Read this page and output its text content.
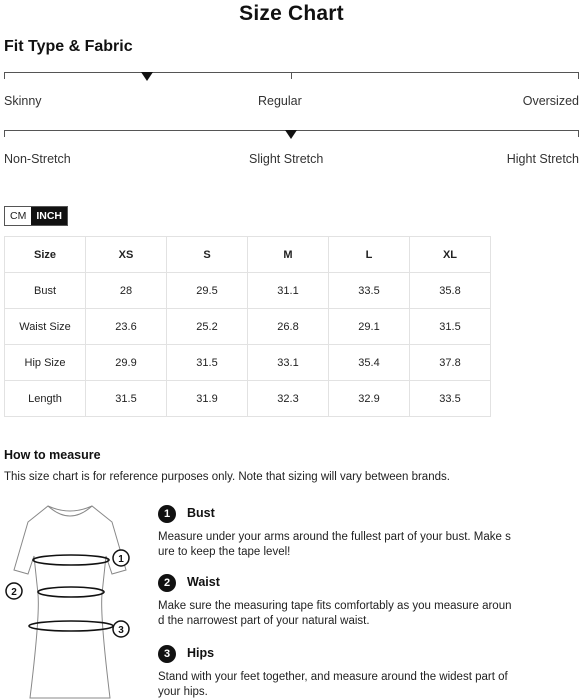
Size Chart
Fit Type & Fabric
Skinny	Regular	Oversized
Non-Stretch	Slight Stretch	Hight Stretch
CM INCH
Size	XS	S	M	L	XL
Bust	28	29.5	31.1	33.5	35.8
Waist Size	23.6	25.2	26.8	29.1	31.5
Hip Size	29.9	31.5	33.1	35.4	37.8
Length	31.5	31.9	32.3	32.9	33.5
How to measure
This size chart is for reference purposes only. Note that sizing will vary between brands.
1
2
3
1	Bust
Measure under your arms around the fullest part of your bust. Make s
ure to keep the tape level!
2	Waist
Make sure the measuring tape fits comfortably as you measure aroun
d the narrowest part of your natural waist.
3	Hips
Stand with your feet together, and measure around the widest part of
your hips.
